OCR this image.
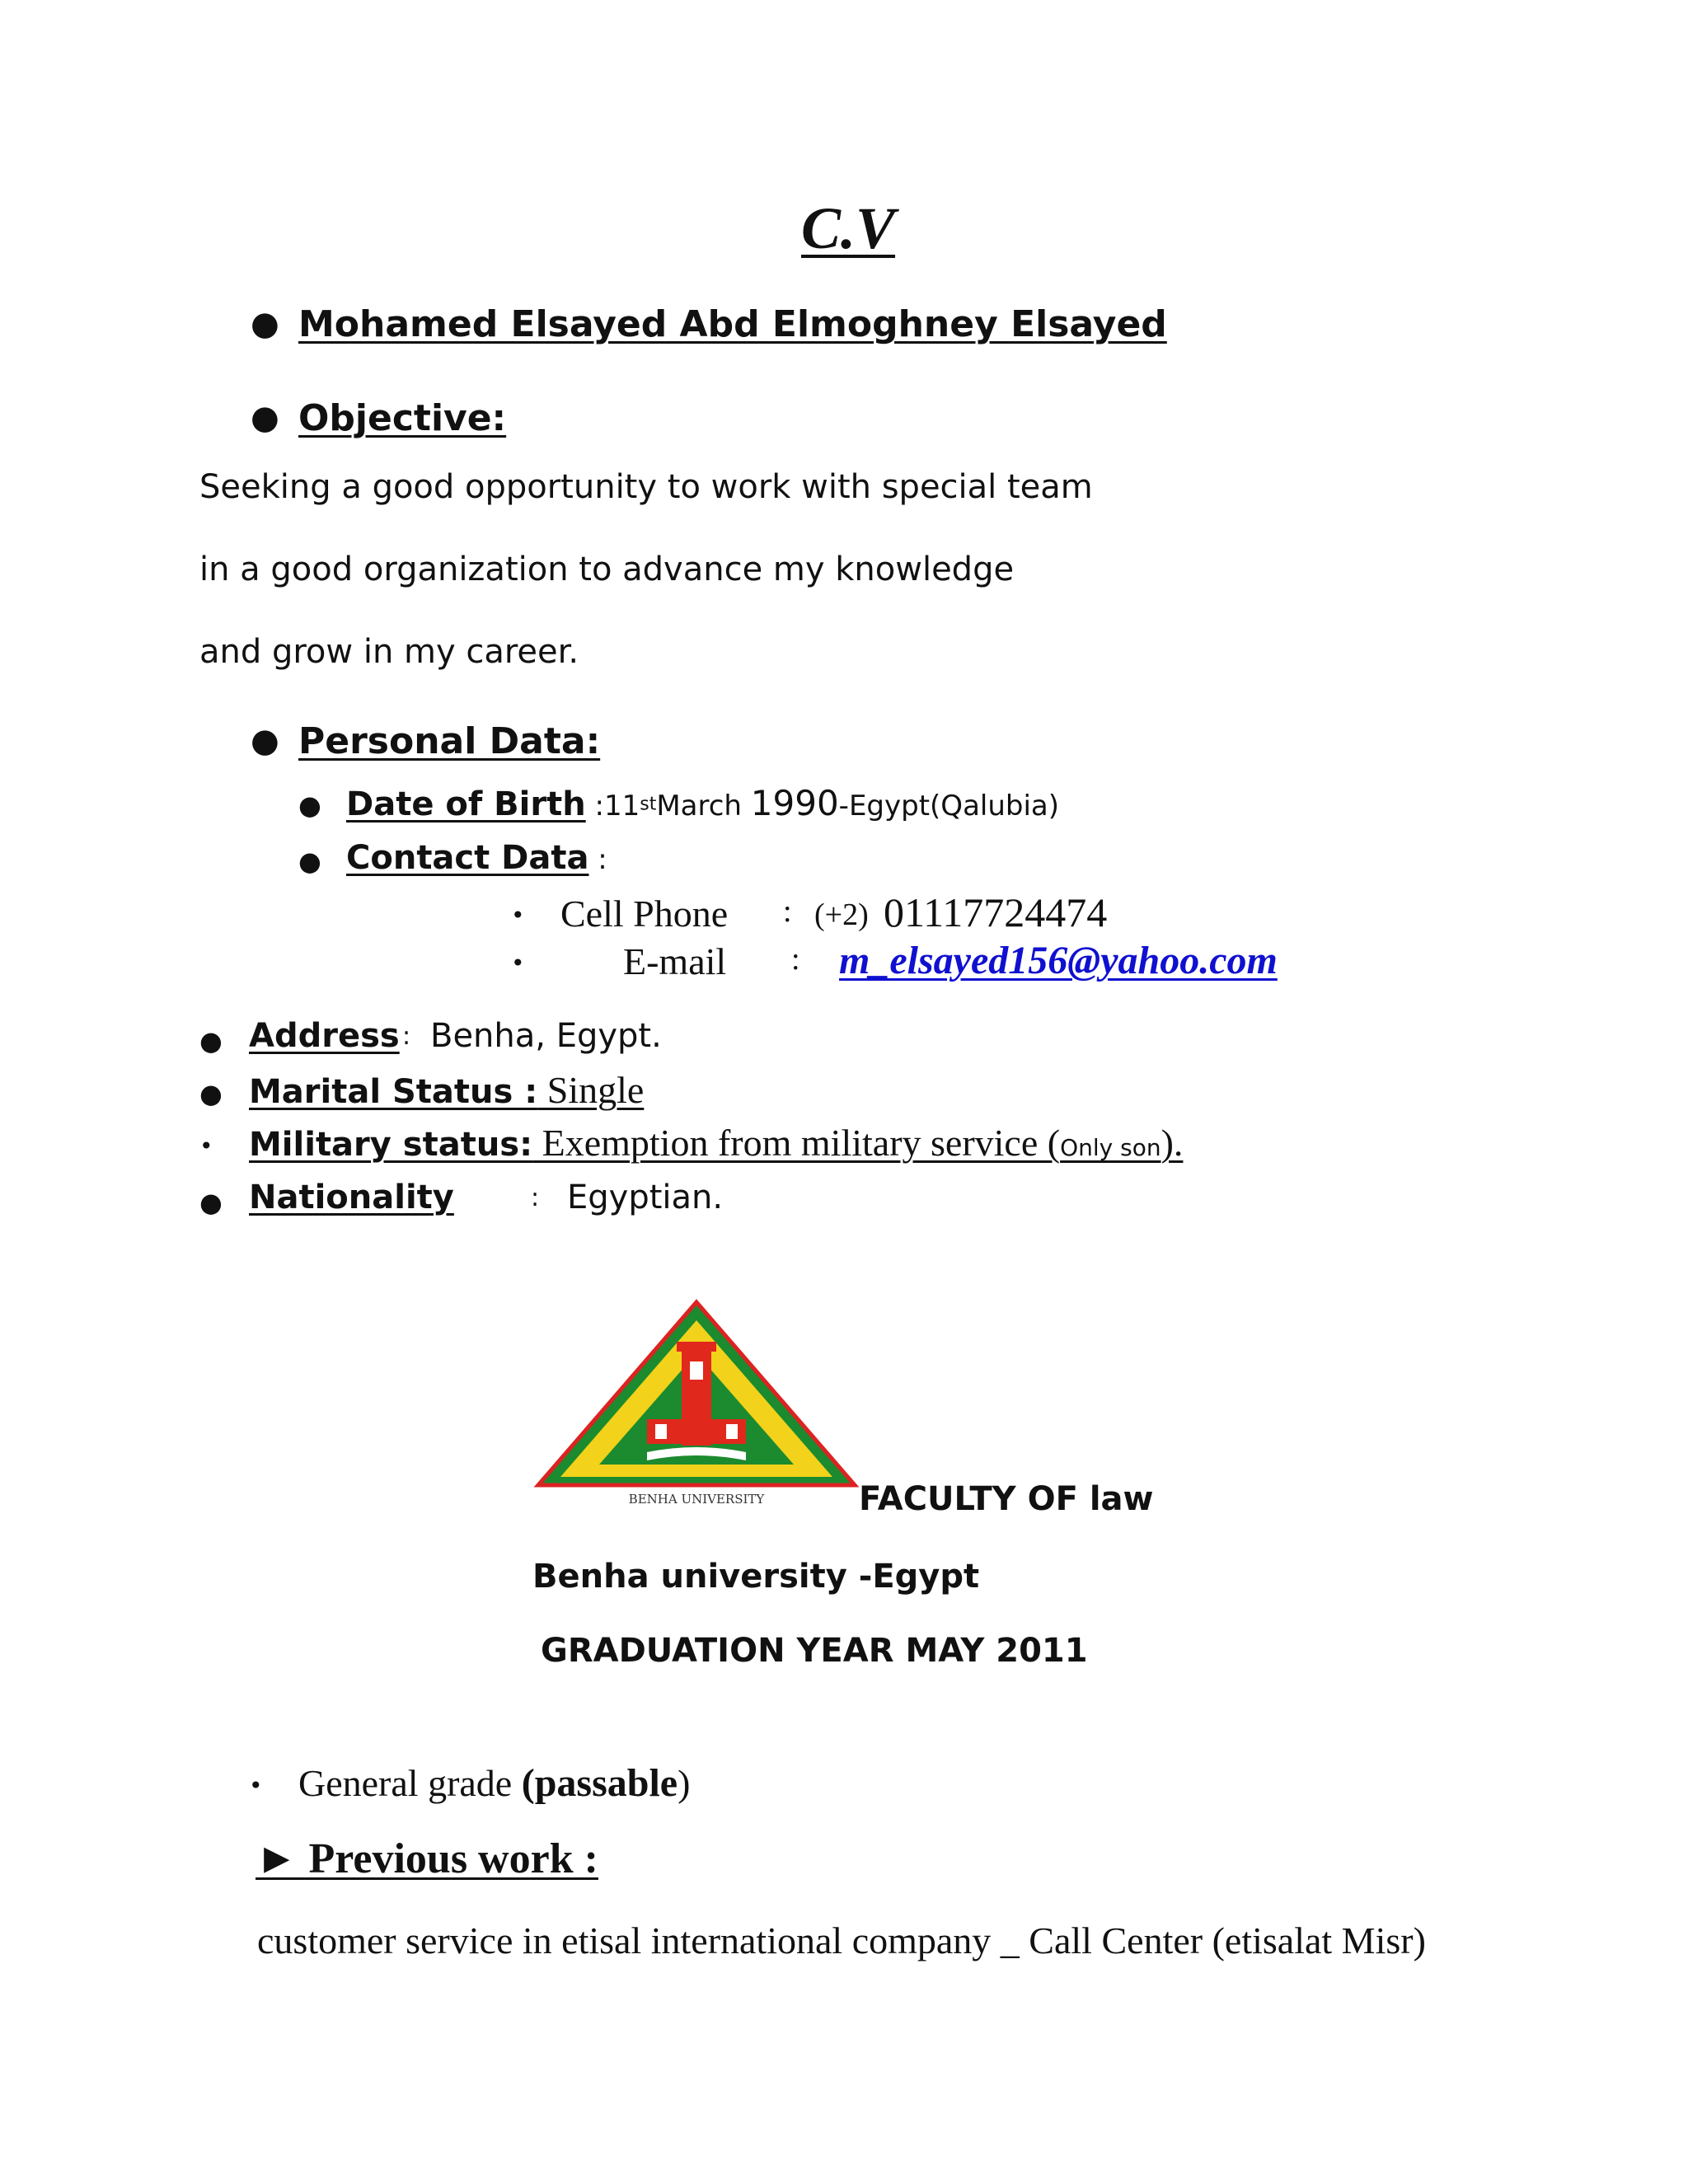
C.V
● Mohamed Elsayed Abd Elmoghney Elsayed
● Objective:
Seeking a good opportunity to work with special team
in a good organization to advance my knowledge
and grow in my career.
● Personal Data:
● Date of Birth :11stMarch 1990-Egypt(Qalubia)
● Contact Data :
• Cell Phone : (+2) 01117724474
•	E-mail : m_elsayed156@yahoo.com
● Address : Benha, Egypt.
● Marital Status : Single
• Military status: Exemption from military service (Only son).
● Nationality	: Egyptian.
BENHA UNIVERSITY	FACULTY OF law
Benha university -Egypt
GRADUATION YEAR MAY 2011
• General grade (passable)
► Previous work :
customer service in etisal international company _ Call Center (etisalat Misr)
